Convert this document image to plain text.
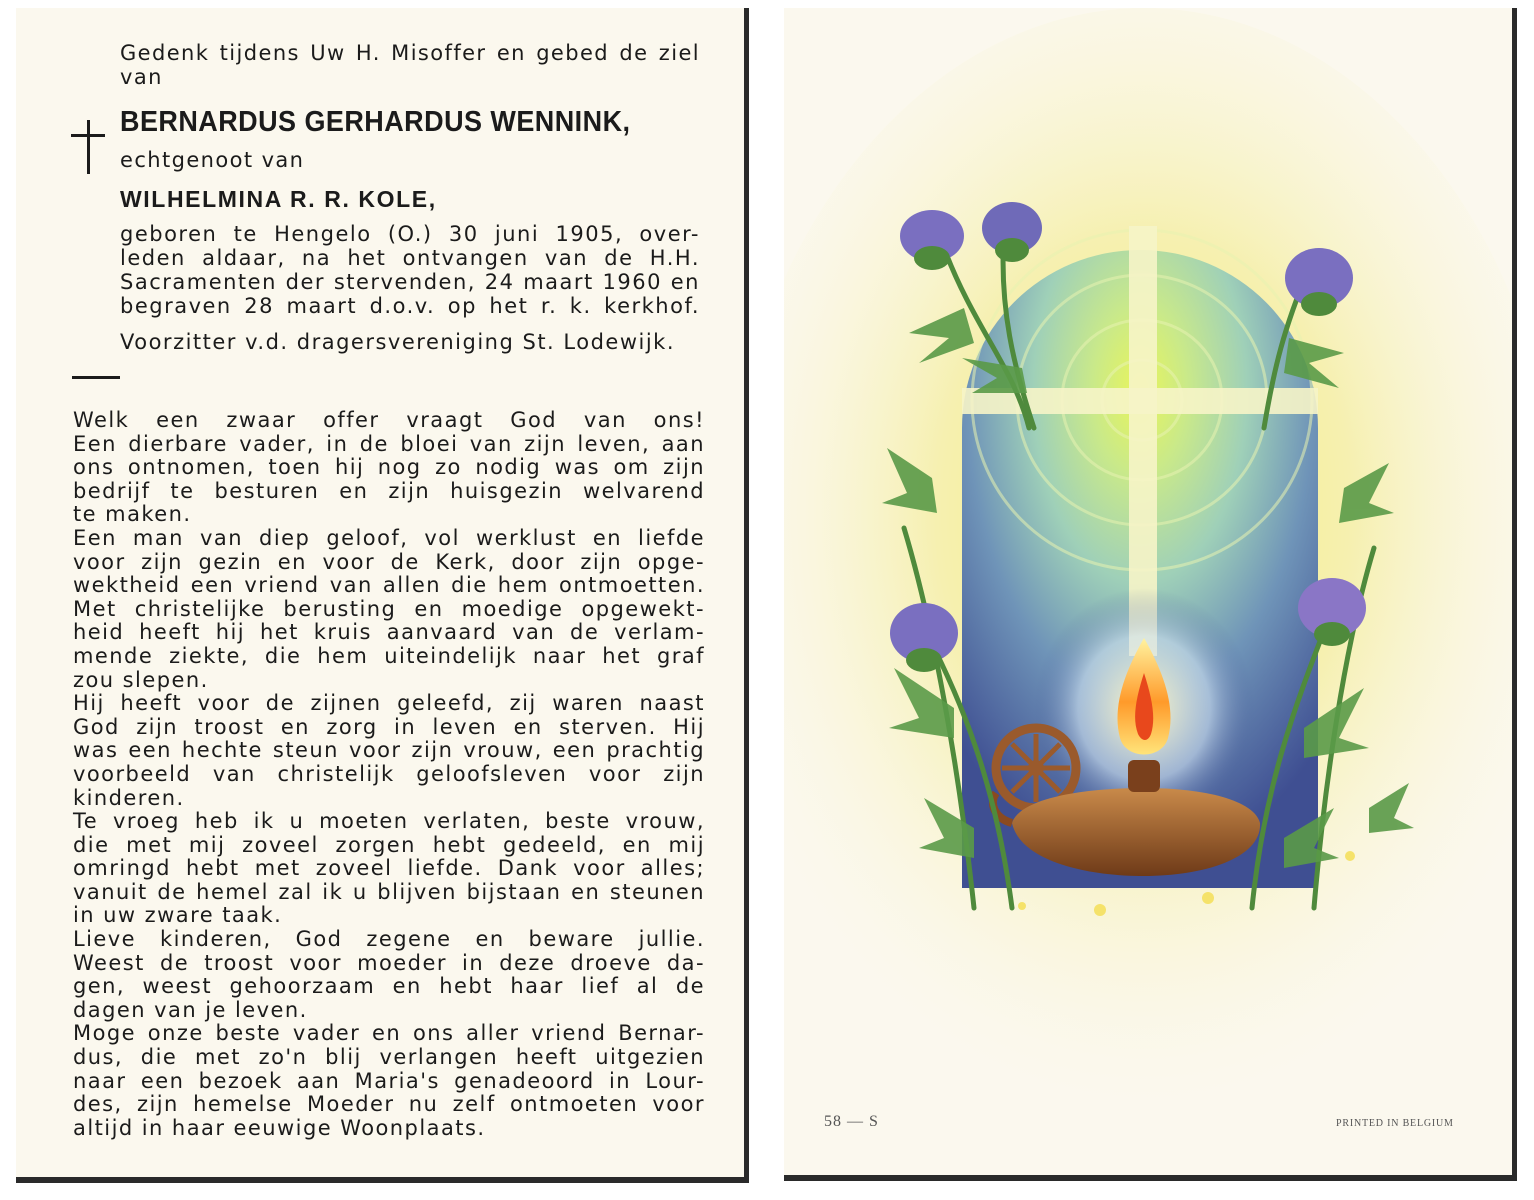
Gedenk tijdens Uw H. Misoffer en gebed de ziel van
BERNARDUS GERHARDUS WENNINK,
echtgenoot van
WILHELMINA R. R. KOLE,
geboren te Hengelo (O.) 30 juni 1905, over-
leden aldaar, na het ontvangen van de H.H.
Sacramenten der stervenden, 24 maart 1960 en
begraven 28 maart d.o.v. op het r. k. kerkhof.
Voorzitter v.d. dragersvereniging St. Lodewijk.
Welk een zwaar offer vraagt God van ons!
Een dierbare vader, in de bloei van zijn leven, aan
ons ontnomen, toen hij nog zo nodig was om zijn
bedrijf te besturen en zijn huisgezin welvarend
te maken.
Een man van diep geloof, vol werklust en liefde
voor zijn gezin en voor de Kerk, door zijn opge-
wektheid een vriend van allen die hem ontmoetten.
Met christelijke berusting en moedige opgewekt-
heid heeft hij het kruis aanvaard van de verlam-
mende ziekte, die hem uiteindelijk naar het graf
zou slepen.
Hij heeft voor de zijnen geleefd, zij waren naast
God zijn troost en zorg in leven en sterven. Hij
was een hechte steun voor zijn vrouw, een prachtig
voorbeeld van christelijk geloofsleven voor zijn
kinderen.
Te vroeg heb ik u moeten verlaten, beste vrouw,
die met mij zoveel zorgen hebt gedeeld, en mij
omringd hebt met zoveel liefde. Dank voor alles;
vanuit de hemel zal ik u blijven bijstaan en steunen
in uw zware taak.
Lieve kinderen, God zegene en beware jullie.
Weest de troost voor moeder in deze droeve da-
gen, weest gehoorzaam en hebt haar lief al de
dagen van je leven.
Moge onze beste vader en ons aller vriend Bernar-
dus, die met zo'n blij verlangen heeft uitgezien
naar een bezoek aan Maria's genadeoord in Lour-
des, zijn hemelse Moeder nu zelf ontmoeten voor
altijd in haar eeuwige Woonplaats.	58 — S	PRINTED IN BELGIUM
